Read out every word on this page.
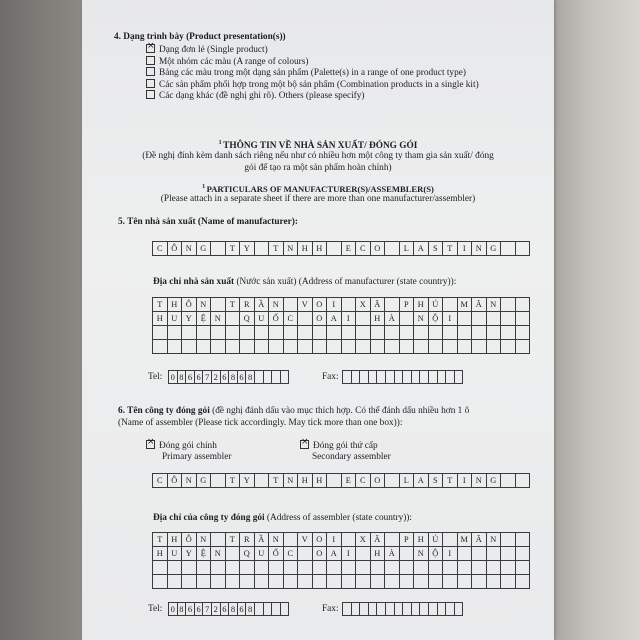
4. Dạng trình bày (Product presentation(s))
×Dạng đơn lẻ (Single product)
Một nhóm các màu (A range of colours)
Bảng các màu trong một dạng sản phẩm (Palette(s) in a range of one product type)
Các sản phẩm phối hợp trong một bộ sản phẩm (Combination products in a single kit)
Các dạng khác (đề nghị ghi rõ). Others (please specify)
$^1$ THÔNG TIN VỀ NHÀ SẢN XUẤT/ ĐÓNG GÓI
(Đề nghị đính kèm danh sách riêng nếu như có nhiều hơn một công ty tham gia sản xuất/ đóng
gói để tạo ra một sản phẩm hoàn chỉnh)
$^1$ PARTICULARS OF MANUFACTURER(S)/ASSEMBLER(S)
(Please attach in a separate sheet if there are more than one manufacturer/assembler)
5. Tên nhà sản xuất (Name of manufacturer):
C	Ô	N	G		T	Y		T	N	H	H		E	C	O		L	A	S	T	I	N	G		
Địa chỉ nhà sản xuất (Nước sản xuất) (Address of manufacturer (state country)):
T	H	Ô	N		T	R	Ầ	N		V	O	I		X	Ã		P	H	Ú		M	Ã	N		
H	U	Y	Ệ	N		Q	U	Ố	C		O	A	I		H	À		N	Ộ	I					

Tel: 0	8	6	6	7	2	6	8	6	8					Fax:

6. Tên công ty đóng gói (đề nghị đánh dấu vào mục thích hợp. Có thể đánh dấu nhiều hơn 1 ô
(Name of assembler (Please tick accordingly. May tick more than one box)):
×Đóng gói chính
Primary assembler
×Đóng gói thứ cấp
Secondary assembler
C	Ô	N	G		T	Y		T	N	H	H		E	C	O		L	A	S	T	I	N	G		
Địa chỉ của công ty đóng gói (Address of assembler (state country)):
T	H	Ô	N		T	R	Ầ	N		V	O	I		X	Ã		P	H	Ú		M	Ã	N		
H	U	Y	Ệ	N		Q	U	Ố	C		O	A	I		H	À		N	Ộ	I					

Tel: 0	8	6	6	7	2	6	8	6	8					Fax:
